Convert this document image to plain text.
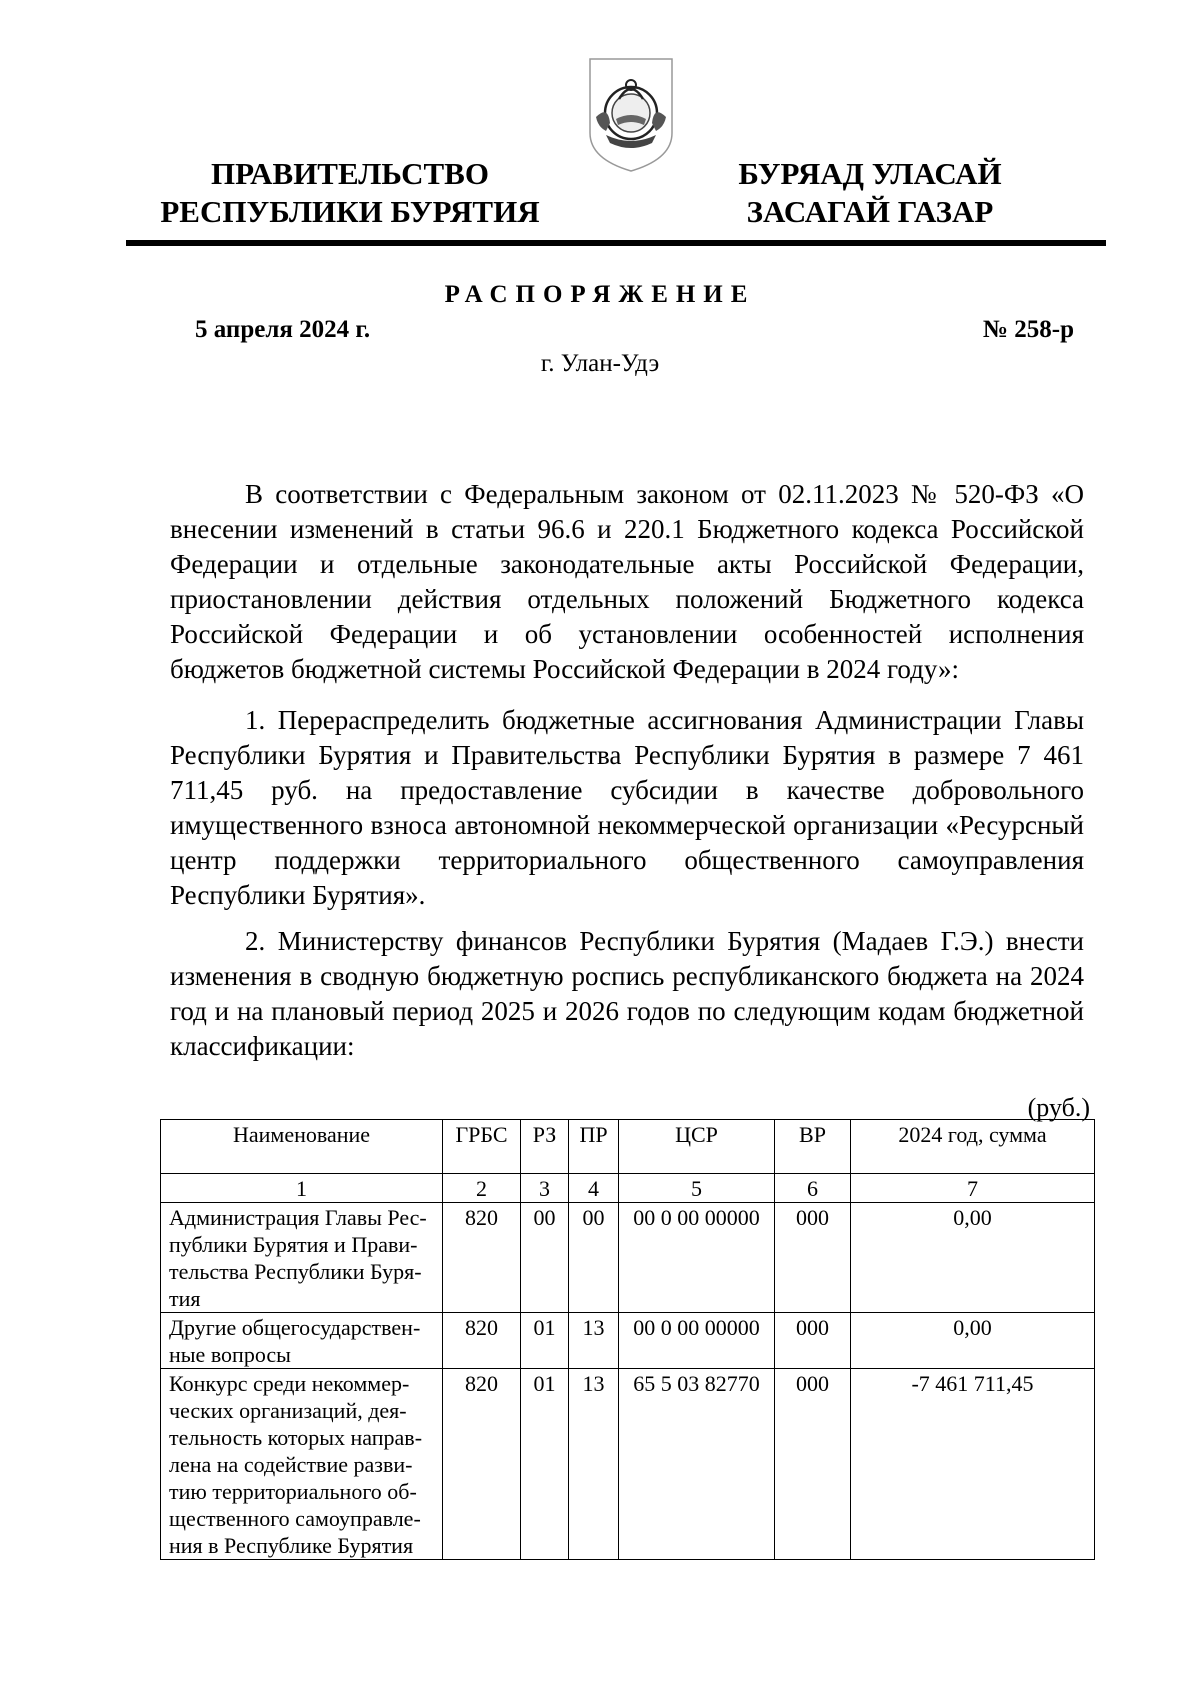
ПРАВИТЕЛЬСТВО
РЕСПУБЛИКИ БУРЯТИЯ
БУРЯАД УЛАСАЙ
ЗАСАГАЙ ГАЗАР
РАСПОРЯЖЕНИЕ
5 апреля 2024 г.	№ 258-р
г. Улан-Удэ

В соответствии с Федеральным законом от 02.11.2023 № 520-ФЗ «О внесении изменений в статьи 96.6 и 220.1 Бюджетного кодекса Российской Федерации и отдельные законодательные акты Российской Федерации, приостановлении действия отдельных положений Бюджетного кодекса Российской Федерации и об установлении особенностей исполнения бюджетов бюджетной системы Российской Федерации в 2024 году»:

1. Перераспределить бюджетные ассигнования Администрации Главы Республики Бурятия и Правительства Республики Бурятия в размере 7 461 711,45 руб. на предоставление субсидии в качестве добровольного имущественного взноса автономной некоммерческой организации «Ресурсный центр поддержки территориального общественного самоуправления Республики Бурятия».

2. Министерству финансов Республики Бурятия (Мадаев Г.Э.) внести изменения в сводную бюджетную роспись республиканского бюджета на 2024 год и на плановый период 2025 и 2026 годов по следующим кодам бюджетной классификации:

(руб.)
Наименование	ГРБС	РЗ	ПР	ЦСР	ВР	2024 год, сумма
1	2	3	4	5	6	7
Администрация Главы Республики Бурятия и Правительства Республики Бурятия	820	00	00	00 0 00 00000	000	0,00
Другие общегосударственные вопросы	820	01	13	00 0 00 00000	000	0,00
Конкурс среди некоммерческих организаций, деятельность которых направлена на содействие развитию территориального общественного самоуправления в Республике Бурятия	820	01	13	65 5 03 82770	000	-7 461 711,45
